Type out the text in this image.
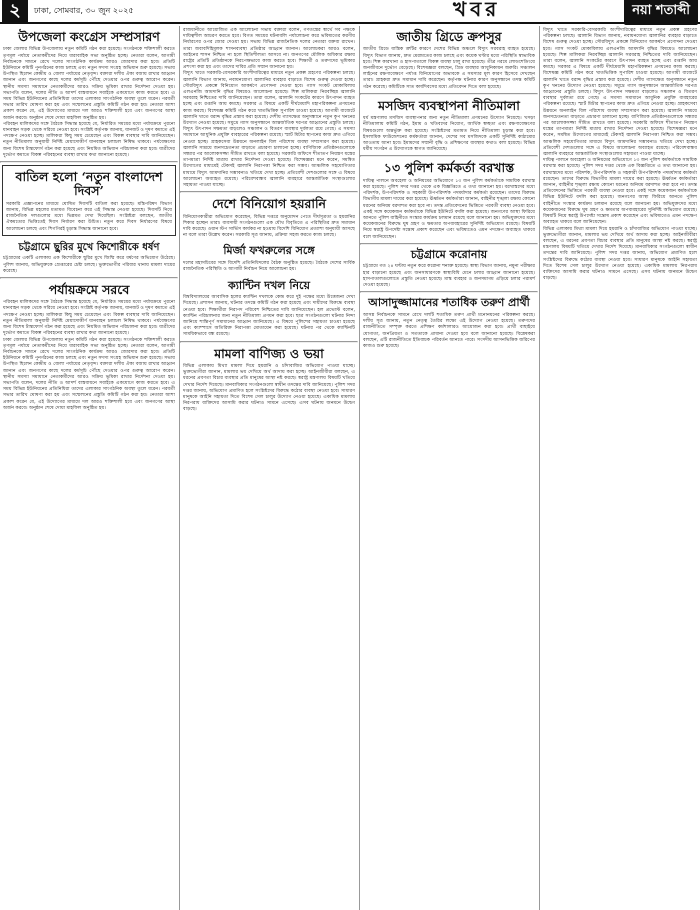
২	ঢাকা, সোমবার, ৩০ জুন ২০২৫	খবর	নয়া শতাব্দী
উপজেলা কংগ্রেস সম্প্রসারণ

ঢাকা জেলার বিভিন্ন উপজেলায় নতুন কমিটি গঠন করা হয়েছে। সংগঠনকে শক্তিশালী করতে তৃণমূল পর্যায়ে নেতাকর্মীদের নিয়ে ধারাবাহিক সভা অনুষ্ঠিত হচ্ছে। নেতারা বলেন, আগামী নির্বাচনকে সামনে রেখে দলের সাংগঠনিক কার্যক্রম আরও জোরদার করা হবে। প্রতিটি ইউনিয়নে কমিটি পুনর্গঠনের কাজ চলছে এবং নতুন সদস্য সংগ্রহ অভিযান শুরু হয়েছে। সভায় উপস্থিত ছিলেন কেন্দ্রীয় ও জেলা পর্যায়ের নেতৃবৃন্দ। বক্তারা দলীয় ঐক্য বজায় রাখার আহ্বান জানান এবং জনগণের কাছে দলের কর্মসূচি পৌঁছে দেওয়ার ওপর গুরুত্ব আরোপ করেন। স্থানীয় সমস্যা সমাধানে নেতাকর্মীদের আরও সক্রিয় ভূমিকা রাখার নির্দেশনা দেওয়া হয়। সভাপতি বলেন, দলের নীতি ও আদর্শ বাস্তবায়নে সবাইকে একযোগে কাজ করতে হবে। এ সময় বিভিন্ন ইউনিয়নের প্রতিনিধিরা তাদের এলাকার সাংগঠনিক অবস্থা তুলে ধরেন। পরবর্তী সভার তারিখ ঘোষণা করা হয় এবং সম্মেলনের প্রস্তুতি কমিটি গঠন করা হয়। নেতারা আশা প্রকাশ করেন যে, এই উদ্যোগের মাধ্যমে দল আরও শক্তিশালী হবে এবং জনগণের আস্থা অর্জন করবে। অনুষ্ঠান শেষে দোয়া মাহফিল অনুষ্ঠিত হয়।

পরিবহন মালিকদের সঙ্গে বৈঠকে সিদ্ধান্ত হয়েছে যে, নির্ধারিত সময়ের মধ্যে পর্যায়ক্রমে পুরনো যানবাহন সড়ক থেকে সরিয়ে নেওয়া হবে। সংশ্লিষ্ট কর্তৃপক্ষ জানায়, যানজট ও দূষণ কমাতে এই পদক্ষেপ নেওয়া হচ্ছে। মালিকরা কিছু সময় চেয়েছেন এবং বিকল্প ব্যবস্থার দাবি জানিয়েছেন। নতুন নীতিমালা অনুযায়ী নির্দিষ্ট মেয়াদোত্তীর্ণ যানবাহন চলাচল নিষিদ্ধ থাকবে। পর্যবেক্ষণের জন্য বিশেষ টাস্কফোর্স গঠন করা হয়েছে এবং নিয়মিত অভিযান পরিচালনা করা হবে। যাত্রীদের দুর্ভোগ কমাতে বিকল্প পরিবহনের ব্যবস্থা রাখার কথা জানানো হয়েছে।

বাতিল হলো ‘নতুন বাংলাদেশ দিবস’

সরকারি প্রজ্ঞাপনের মাধ্যমে ঘোষিত দিবসটি বাতিল করা হয়েছে। মন্ত্রিপরিষদ বিভাগ জানায়, বিভিন্ন মহলের মতামত বিবেচনা করে এই সিদ্ধান্ত নেওয়া হয়েছে। দিবসটি নিয়ে রাজনৈতিক দলগুলোর মধ্যে ভিন্নমত দেখা দিয়েছিল। সংশ্লিষ্টরা বলছেন, জাতীয় ঐকমত্যের ভিত্তিতেই দিবস নির্ধারণ করা উচিত। নতুন করে দিবস নির্ধারণের বিষয়ে আলোচনা চলছে এবং শিগগিরই চূড়ান্ত সিদ্ধান্ত জানানো হবে।

চট্টগ্রামে ছুরির মুখে কিশোরীকে ধর্ষণ

চট্টগ্রামের একটি এলাকায় এক কিশোরীকে ছুরির মুখে জিম্মি করে ধর্ষণের অভিযোগ উঠেছে। পুলিশ জানায়, অভিযুক্তকে গ্রেপ্তারের চেষ্টা চলছে। ভুক্তভোগীর পরিবার থানায় মামলা দায়ের করেছে।

পর্যায়ক্রমে সরবে

পরিবহন মালিকদের সঙ্গে বৈঠকে সিদ্ধান্ত হয়েছে যে, নির্ধারিত সময়ের মধ্যে পর্যায়ক্রমে পুরনো যানবাহন সড়ক থেকে সরিয়ে নেওয়া হবে। সংশ্লিষ্ট কর্তৃপক্ষ জানায়, যানজট ও দূষণ কমাতে এই পদক্ষেপ নেওয়া হচ্ছে। মালিকরা কিছু সময় চেয়েছেন এবং বিকল্প ব্যবস্থার দাবি জানিয়েছেন। নতুন নীতিমালা অনুযায়ী নির্দিষ্ট মেয়াদোত্তীর্ণ যানবাহন চলাচল নিষিদ্ধ থাকবে। পর্যবেক্ষণের জন্য বিশেষ টাস্কফোর্স গঠন করা হয়েছে এবং নিয়মিত অভিযান পরিচালনা করা হবে। যাত্রীদের দুর্ভোগ কমাতে বিকল্প পরিবহনের ব্যবস্থা রাখার কথা জানানো হয়েছে।

ঢাকা জেলার বিভিন্ন উপজেলায় নতুন কমিটি গঠন করা হয়েছে। সংগঠনকে শক্তিশালী করতে তৃণমূল পর্যায়ে নেতাকর্মীদের নিয়ে ধারাবাহিক সভা অনুষ্ঠিত হচ্ছে। নেতারা বলেন, আগামী নির্বাচনকে সামনে রেখে দলের সাংগঠনিক কার্যক্রম আরও জোরদার করা হবে। প্রতিটি ইউনিয়নে কমিটি পুনর্গঠনের কাজ চলছে এবং নতুন সদস্য সংগ্রহ অভিযান শুরু হয়েছে। সভায় উপস্থিত ছিলেন কেন্দ্রীয় ও জেলা পর্যায়ের নেতৃবৃন্দ। বক্তারা দলীয় ঐক্য বজায় রাখার আহ্বান জানান এবং জনগণের কাছে দলের কর্মসূচি পৌঁছে দেওয়ার ওপর গুরুত্ব আরোপ করেন। স্থানীয় সমস্যা সমাধানে নেতাকর্মীদের আরও সক্রিয় ভূমিকা রাখার নির্দেশনা দেওয়া হয়। সভাপতি বলেন, দলের নীতি ও আদর্শ বাস্তবায়নে সবাইকে একযোগে কাজ করতে হবে। এ সময় বিভিন্ন ইউনিয়নের প্রতিনিধিরা তাদের এলাকার সাংগঠনিক অবস্থা তুলে ধরেন। পরবর্তী সভার তারিখ ঘোষণা করা হয় এবং সম্মেলনের প্রস্তুতি কমিটি গঠন করা হয়। নেতারা আশা প্রকাশ করেন যে, এই উদ্যোগের মাধ্যমে দল আরও শক্তিশালী হবে এবং জনগণের আস্থা অর্জন করবে। অনুষ্ঠান শেষে দোয়া মাহফিল অনুষ্ঠিত হয়।

রাজধানীতে আয়োজিত এক আলোচনা সভায় বক্তারা বলেন, গণতন্ত্রের স্বার্থে সব পক্ষকে দায়িত্বশীল আচরণ করতে হবে। বিগত সময়ের ঘটনাবলি পর্যালোচনা করে ভবিষ্যতের করণীয় নির্ধারণের ওপর জোর দেওয়া হয়। সভায় বিভিন্ন রাজনৈতিক দলের নেতারা বক্তব্য রাখেন। তারা জবাবদিহিমূলক শাসনব্যবস্থা প্রতিষ্ঠার আহ্বান জানান। আলোচকরা আরও বলেন, আইনের শাসন নিশ্চিত না হলে স্থিতিশীলতা আসবে না। জনগণের মৌলিক অধিকার রক্ষায় রাষ্ট্রের প্রতিটি প্রতিষ্ঠানকে নিরপেক্ষভাবে কাজ করতে হবে। শিক্ষার্থী ও তরুণদের ভূমিকার প্রশংসা করা হয় এবং তাদের দাবির প্রতি সম্মান জানানো হয়।

বিদ্যুৎ খাতে সরকারি-বেসরকারি অংশীদারিত্বের মাধ্যমে নতুন প্রকল্প গ্রহণের পরিকল্পনা চলছে। জ্বালানি বিভাগ জানায়, নবায়নযোগ্য জ্বালানির ব্যবহার বাড়াতে বিশেষ গুরুত্ব দেওয়া হচ্ছে। সৌরবিদ্যুৎ প্রকল্পে বিনিয়োগ আকর্ষণে প্রণোদনা দেওয়া হবে। গ্যাস সংকট মোকাবিলায় এলএনজি আমদানি বৃদ্ধির বিষয়েও আলোচনা হয়েছে। শিল্প মালিকরা নিরবচ্ছিন্ন জ্বালানি সরবরাহ নিশ্চিতের দাবি জানিয়েছেন। তারা বলেন, জ্বালানি সংকটের কারণে উৎপাদন ব্যাহত হচ্ছে এবং রপ্তানি আয় কমছে। সরকার এ বিষয়ে একটি দীর্ঘমেয়াদি মহাপরিকল্পনা প্রণয়নের কাজ করছে। বিশেষজ্ঞ কমিটি গঠন করে খাতভিত্তিক সুপারিশ চাওয়া হয়েছে। আগামী বাজেটে জ্বালানি খাতে বরাদ্দ বৃদ্ধির প্রস্তাব করা হয়েছে। দেশীয় গ্যাসক্ষেত্র অনুসন্ধানে নতুন কূপ খননের উদ্যোগ নেওয়া হয়েছে। সমুদ্রে গ্যাস অনুসন্ধানে আন্তর্জাতিক দরপত্র আহ্বানের প্রস্তুতি চলছে। বিদ্যুৎ উৎপাদন সক্ষমতা বাড়লেও সঞ্চালন ও বিতরণ ব্যবস্থার দুর্বলতা রয়ে গেছে। এ সমস্যা সমাধানে আধুনিক প্রযুক্তি ব্যবহারের পরিকল্পনা রয়েছে। স্মার্ট মিটার স্থাপনের কাজ দ্রুত এগিয়ে নেওয়া হচ্ছে। গ্রাহকসেবা উন্নয়নে অনলাইন বিল পরিশোধ ব্যবস্থা সম্প্রসারণ করা হয়েছে। জ্বালানি সাশ্রয়ে জনসচেতনতা বাড়াতে প্রচারণা চালানো হচ্ছে। বাণিজ্যিক প্রতিষ্ঠানগুলোকে সন্ধ্যার পর আলোকসজ্জা সীমিত রাখতে বলা হয়েছে। সরকারি অফিসে শীতাতপ নিয়ন্ত্রণ যন্ত্রের তাপমাত্রা নির্দিষ্ট মাত্রায় রাখার নির্দেশনা দেওয়া হয়েছে। বিশেষজ্ঞরা মনে করেন, সমন্বিত উদ্যোগের মাধ্যমেই টেকসই জ্বালানি নিরাপত্তা নিশ্চিত করা সম্ভব। আঞ্চলিক সহযোগিতার মাধ্যমে বিদ্যুৎ আমদানির সম্ভাবনাও খতিয়ে দেখা হচ্ছে। প্রতিবেশী দেশগুলোর সঙ্গে এ বিষয়ে আলোচনা অব্যাহত রয়েছে। পরিবেশবান্ধব জ্বালানি ব্যবহারে আন্তর্জাতিক সংস্থাগুলোর সহায়তা পাওয়া যাচ্ছে।

দেশে বিনিয়োগ হয়রানি

বিনিয়োগকারীরা অভিযোগ করেছেন, বিভিন্ন দপ্তরে অনুমোদন পেতে দীর্ঘসূত্রতা ও হয়রানির শিকার হচ্ছেন তারা। ব্যবসায়ী সংগঠনগুলো এক যৌথ বিবৃতিতে এ পরিস্থিতির দ্রুত সমাধান দাবি করেছে। ওয়ান স্টপ সার্ভিস কার্যকর না হওয়ায় বিদেশি বিনিয়োগ প্রত্যাশা অনুযায়ী আসছে না বলে তারা উল্লেখ করেন। সরকারি সূত্র জানায়, প্রক্রিয়া সহজ করতে কাজ চলছে।

মির্জা ফখরুলের সঙ্গে

দলের মহাসচিবের সঙ্গে বিদেশি প্রতিনিধিদলের বৈঠক অনুষ্ঠিত হয়েছে। বৈঠকে দেশের সার্বিক রাজনৈতিক পরিস্থিতি ও আগামী নির্বাচন নিয়ে আলোচনা হয়।

ক্যান্টিন দখল নিয়ে

বিশ্ববিদ্যালয়ের আবাসিক হলের ক্যান্টিন দখলকে কেন্দ্র করে দুই পক্ষের মধ্যে উত্তেজনা দেখা দিয়েছে। প্রশাসন জানায়, ঘটনার তদন্তে কমিটি গঠন করা হয়েছে এবং দায়ীদের বিরুদ্ধে ব্যবস্থা নেওয়া হবে। শিক্ষার্থীরা নিরাপদ পরিবেশ নিশ্চিতের দাবি জানিয়েছেন। হল প্রভোস্ট বলেন, ক্যান্টিন পরিচালনার জন্য নতুন নীতিমালা প্রণয়ন করা হবে। ছাত্র সংগঠনগুলো ঘটনার নিন্দা জানিয়ে শান্তিপূর্ণ সমাধানের আহ্বান জানিয়েছে। এ বিষয়ে পুলিশের সহায়তা চাওয়া হয়েছে এবং ক্যাম্পাসে অতিরিক্ত নিরাপত্তা মোতায়েন করা হয়েছে। ঘটনার পর থেকে ক্যান্টিনটি সাময়িকভাবে বন্ধ রয়েছে।

মামলা বাণিজ্য ও ভয়া

বিভিন্ন এলাকায় মিথ্যা মামলা দিয়ে হয়রানি ও চাঁদাবাজির অভিযোগ পাওয়া যাচ্ছে। ভুক্তভোগীরা জানান, মামলার ভয় দেখিয়ে অর্থ আদায় করা হচ্ছে। আইনজীবীরা বলছেন, এ ধরনের প্রবণতা বিচার ব্যবস্থার প্রতি মানুষের আস্থা নষ্ট করছে। স্বরাষ্ট্র মন্ত্রণালয় বিষয়টি খতিয়ে দেখার নির্দেশ দিয়েছে। মানবাধিকার সংগঠনগুলো স্বাধীন তদন্তের দাবি জানিয়েছে। পুলিশ সদর দপ্তর জানায়, অভিযোগ প্রমাণিত হলে সংশ্লিষ্টদের বিরুদ্ধে কঠোর ব্যবস্থা নেওয়া হবে। সাধারণ মানুষকে আইনি সহায়তা দিতে বিশেষ সেল চালুর উদ্যোগ নেওয়া হয়েছে। একাধিক মামলায় নিরপরাধ ব্যক্তিদের আসামি করার ঘটনাও সামনে এসেছে। এসব ঘটনায় জনমনে উদ্বেগ বাড়ছে।

জাতীয় গ্রিডে ক্রপসুর

জাতীয় গ্রিডে যান্ত্রিক ত্রুটির কারণে দেশের বিভিন্ন অঞ্চলে বিদ্যুৎ সরবরাহ ব্যাহত হয়েছে। বিদ্যুৎ বিভাগ জানায়, দ্রুত মেরামতের কাজ চলছে এবং কয়েক ঘণ্টার মধ্যে পরিস্থিতি স্বাভাবিক হবে। শিল্প কারখানা ও হাসপাতালে বিকল্প ব্যবস্থা চালু রাখা হয়েছে। তীব্র গরমে লোডশেডিংয়ে জনজীবনে দুর্ভোগ বেড়েছে। বিশেষজ্ঞরা বলছেন, গ্রিড ব্যবস্থার আধুনিকায়ন জরুরি। সঞ্চালন লাইনের রক্ষণাবেক্ষণে পর্যাপ্ত বিনিয়োগের অভাবকে এ সমস্যার মূল কারণ হিসেবে দেখছেন তারা। গ্রাহকরা দ্রুত সমাধান দাবি করেছেন। কর্তৃপক্ষ ঘটনার কারণ অনুসন্ধানে তদন্ত কমিটি গঠন করেছে। কমিটিকে সাত কার্যদিবসের মধ্যে প্রতিবেদন দিতে বলা হয়েছে।

মসজিদ ব্যবস্থাপনা নীতিমালা

ধর্ম মন্ত্রণালয় মসজিদ ব্যবস্থাপনার জন্য নতুন নীতিমালা প্রণয়নের উদ্যোগ নিয়েছে। খসড়া নীতিমালায় কমিটি গঠন, ইমাম ও খতিবদের নিয়োগ, আর্থিক স্বচ্ছতা এবং রক্ষণাবেক্ষণের বিষয়গুলো অন্তর্ভুক্ত করা হয়েছে। সংশ্লিষ্টদের মতামত নিয়ে নীতিমালা চূড়ান্ত করা হবে। ইসলামিক ফাউন্ডেশনের কর্মকর্তারা জানান, দেশের সব মসজিদকে একটি সুনির্দিষ্ট কাঠামোর আওতায় আনা হবে। ইমামদের সম্মানী বৃদ্ধি ও প্রশিক্ষণের ব্যবস্থার কথাও বলা হয়েছে। বিভিন্ন ধর্মীয় সংগঠন এ উদ্যোগকে স্বাগত জানিয়েছে।

১৩ পুলিশ কর্মকর্তা বরখাস্ত

দায়িত্ব পালনে অবহেলা ও অনিয়মের অভিযোগে ১৩ জন পুলিশ কর্মকর্তাকে সাময়িক বরখাস্ত করা হয়েছে। পুলিশ সদর দপ্তর থেকে এক বিজ্ঞপ্তিতে এ তথ্য জানানো হয়। বরখাস্তদের মধ্যে পরিদর্শক, উপপরিদর্শক ও সহকারী উপপরিদর্শক পদমর্যাদার কর্মকর্তা রয়েছেন। তাদের বিরুদ্ধে বিভাগীয় মামলা দায়ের করা হয়েছে। ঊর্ধ্বতন কর্মকর্তারা জানান, বাহিনীর শৃঙ্খলা রক্ষায় কোনো ধরনের অনিয়ম বরদাশত করা হবে না। তদন্ত প্রতিবেদনের ভিত্তিতে পরবর্তী ব্যবস্থা নেওয়া হবে। একই সঙ্গে কয়েকজন কর্মকর্তাকে বিভিন্ন ইউনিটে বদলি করা হয়েছে। জনগণের আস্থা ফিরিয়ে আনতে পুলিশ বাহিনীতে সংস্কার কার্যক্রম চলমান রয়েছে বলে জানানো হয়। অভিযুক্তদের মধ্যে কয়েকজনের বিরুদ্ধে ঘুষ গ্রহণ ও ক্ষমতার অপব্যবহারের সুনির্দিষ্ট অভিযোগ রয়েছে। বিষয়টি নিয়ে স্বরাষ্ট্র উপদেষ্টা সন্তোষ প্রকাশ করেছেন এবং ভবিষ্যতেও এমন পদক্ষেপ অব্যাহত থাকবে বলে জানিয়েছেন।

চট্টগ্রামে করোনায়

চট্টগ্রামে গত ২৪ ঘণ্টায় নতুন করে করোনা শনাক্ত হয়েছে। স্বাস্থ্য বিভাগ জানায়, নমুনা পরীক্ষার হার বাড়ানো হয়েছে এবং জনসাধারণকে স্বাস্থ্যবিধি মেনে চলার আহ্বান জানানো হয়েছে। হাসপাতালগুলোতে প্রস্তুতি নেওয়া হয়েছে। মাস্ক ব্যবহার ও জনসমাগম এড়িয়ে চলার পরামর্শ দেওয়া হয়েছে।

আসাদুজ্জামানের শতাধিক তরুণ প্রার্থী

আসন্ন নির্বাচনকে সামনে রেখে দলটি শতাধিক তরুণ প্রার্থী মনোনয়নের পরিকল্পনা করছে। দলীয় সূত্র জানায়, নতুন নেতৃত্ব তৈরির লক্ষ্যে এই উদ্যোগ নেওয়া হয়েছে। তরুণদের রাজনীতিতে সম্পৃক্ত করতে প্রশিক্ষণ কর্মশালারও আয়োজন করা হবে। প্রার্থী বাছাইয়ে যোগ্যতা, জনপ্রিয়তা ও সততাকে প্রাধান্য দেওয়া হবে বলে জানানো হয়েছে। বিশ্লেষকরা বলছেন, এটি রাজনীতিতে ইতিবাচক পরিবর্তন আনতে পারে। সংসদীয় আসনভিত্তিক জরিপের কাজও শুরু হয়েছে।

বিদ্যুৎ খাতে সরকারি-বেসরকারি অংশীদারিত্বের মাধ্যমে নতুন প্রকল্প গ্রহণের পরিকল্পনা চলছে। জ্বালানি বিভাগ জানায়, নবায়নযোগ্য জ্বালানির ব্যবহার বাড়াতে বিশেষ গুরুত্ব দেওয়া হচ্ছে। সৌরবিদ্যুৎ প্রকল্পে বিনিয়োগ আকর্ষণে প্রণোদনা দেওয়া হবে। গ্যাস সংকট মোকাবিলায় এলএনজি আমদানি বৃদ্ধির বিষয়েও আলোচনা হয়েছে। শিল্প মালিকরা নিরবচ্ছিন্ন জ্বালানি সরবরাহ নিশ্চিতের দাবি জানিয়েছেন। তারা বলেন, জ্বালানি সংকটের কারণে উৎপাদন ব্যাহত হচ্ছে এবং রপ্তানি আয় কমছে। সরকার এ বিষয়ে একটি দীর্ঘমেয়াদি মহাপরিকল্পনা প্রণয়নের কাজ করছে। বিশেষজ্ঞ কমিটি গঠন করে খাতভিত্তিক সুপারিশ চাওয়া হয়েছে। আগামী বাজেটে জ্বালানি খাতে বরাদ্দ বৃদ্ধির প্রস্তাব করা হয়েছে। দেশীয় গ্যাসক্ষেত্র অনুসন্ধানে নতুন কূপ খননের উদ্যোগ নেওয়া হয়েছে। সমুদ্রে গ্যাস অনুসন্ধানে আন্তর্জাতিক দরপত্র আহ্বানের প্রস্তুতি চলছে। বিদ্যুৎ উৎপাদন সক্ষমতা বাড়লেও সঞ্চালন ও বিতরণ ব্যবস্থার দুর্বলতা রয়ে গেছে। এ সমস্যা সমাধানে আধুনিক প্রযুক্তি ব্যবহারের পরিকল্পনা রয়েছে। স্মার্ট মিটার স্থাপনের কাজ দ্রুত এগিয়ে নেওয়া হচ্ছে। গ্রাহকসেবা উন্নয়নে অনলাইন বিল পরিশোধ ব্যবস্থা সম্প্রসারণ করা হয়েছে। জ্বালানি সাশ্রয়ে জনসচেতনতা বাড়াতে প্রচারণা চালানো হচ্ছে। বাণিজ্যিক প্রতিষ্ঠানগুলোকে সন্ধ্যার পর আলোকসজ্জা সীমিত রাখতে বলা হয়েছে। সরকারি অফিসে শীতাতপ নিয়ন্ত্রণ যন্ত্রের তাপমাত্রা নির্দিষ্ট মাত্রায় রাখার নির্দেশনা দেওয়া হয়েছে। বিশেষজ্ঞরা মনে করেন, সমন্বিত উদ্যোগের মাধ্যমেই টেকসই জ্বালানি নিরাপত্তা নিশ্চিত করা সম্ভব। আঞ্চলিক সহযোগিতার মাধ্যমে বিদ্যুৎ আমদানির সম্ভাবনাও খতিয়ে দেখা হচ্ছে। প্রতিবেশী দেশগুলোর সঙ্গে এ বিষয়ে আলোচনা অব্যাহত রয়েছে। পরিবেশবান্ধব জ্বালানি ব্যবহারে আন্তর্জাতিক সংস্থাগুলোর সহায়তা পাওয়া যাচ্ছে।

দায়িত্ব পালনে অবহেলা ও অনিয়মের অভিযোগে ১৩ জন পুলিশ কর্মকর্তাকে সাময়িক বরখাস্ত করা হয়েছে। পুলিশ সদর দপ্তর থেকে এক বিজ্ঞপ্তিতে এ তথ্য জানানো হয়। বরখাস্তদের মধ্যে পরিদর্শক, উপপরিদর্শক ও সহকারী উপপরিদর্শক পদমর্যাদার কর্মকর্তা রয়েছেন। তাদের বিরুদ্ধে বিভাগীয় মামলা দায়ের করা হয়েছে। ঊর্ধ্বতন কর্মকর্তারা জানান, বাহিনীর শৃঙ্খলা রক্ষায় কোনো ধরনের অনিয়ম বরদাশত করা হবে না। তদন্ত প্রতিবেদনের ভিত্তিতে পরবর্তী ব্যবস্থা নেওয়া হবে। একই সঙ্গে কয়েকজন কর্মকর্তাকে বিভিন্ন ইউনিটে বদলি করা হয়েছে। জনগণের আস্থা ফিরিয়ে আনতে পুলিশ বাহিনীতে সংস্কার কার্যক্রম চলমান রয়েছে বলে জানানো হয়। অভিযুক্তদের মধ্যে কয়েকজনের বিরুদ্ধে ঘুষ গ্রহণ ও ক্ষমতার অপব্যবহারের সুনির্দিষ্ট অভিযোগ রয়েছে। বিষয়টি নিয়ে স্বরাষ্ট্র উপদেষ্টা সন্তোষ প্রকাশ করেছেন এবং ভবিষ্যতেও এমন পদক্ষেপ অব্যাহত থাকবে বলে জানিয়েছেন।

বিভিন্ন এলাকায় মিথ্যা মামলা দিয়ে হয়রানি ও চাঁদাবাজির অভিযোগ পাওয়া যাচ্ছে। ভুক্তভোগীরা জানান, মামলার ভয় দেখিয়ে অর্থ আদায় করা হচ্ছে। আইনজীবীরা বলছেন, এ ধরনের প্রবণতা বিচার ব্যবস্থার প্রতি মানুষের আস্থা নষ্ট করছে। স্বরাষ্ট্র মন্ত্রণালয় বিষয়টি খতিয়ে দেখার নির্দেশ দিয়েছে। মানবাধিকার সংগঠনগুলো স্বাধীন তদন্তের দাবি জানিয়েছে। পুলিশ সদর দপ্তর জানায়, অভিযোগ প্রমাণিত হলে সংশ্লিষ্টদের বিরুদ্ধে কঠোর ব্যবস্থা নেওয়া হবে। সাধারণ মানুষকে আইনি সহায়তা দিতে বিশেষ সেল চালুর উদ্যোগ নেওয়া হয়েছে। একাধিক মামলায় নিরপরাধ ব্যক্তিদের আসামি করার ঘটনাও সামনে এসেছে। এসব ঘটনায় জনমনে উদ্বেগ বাড়ছে।
